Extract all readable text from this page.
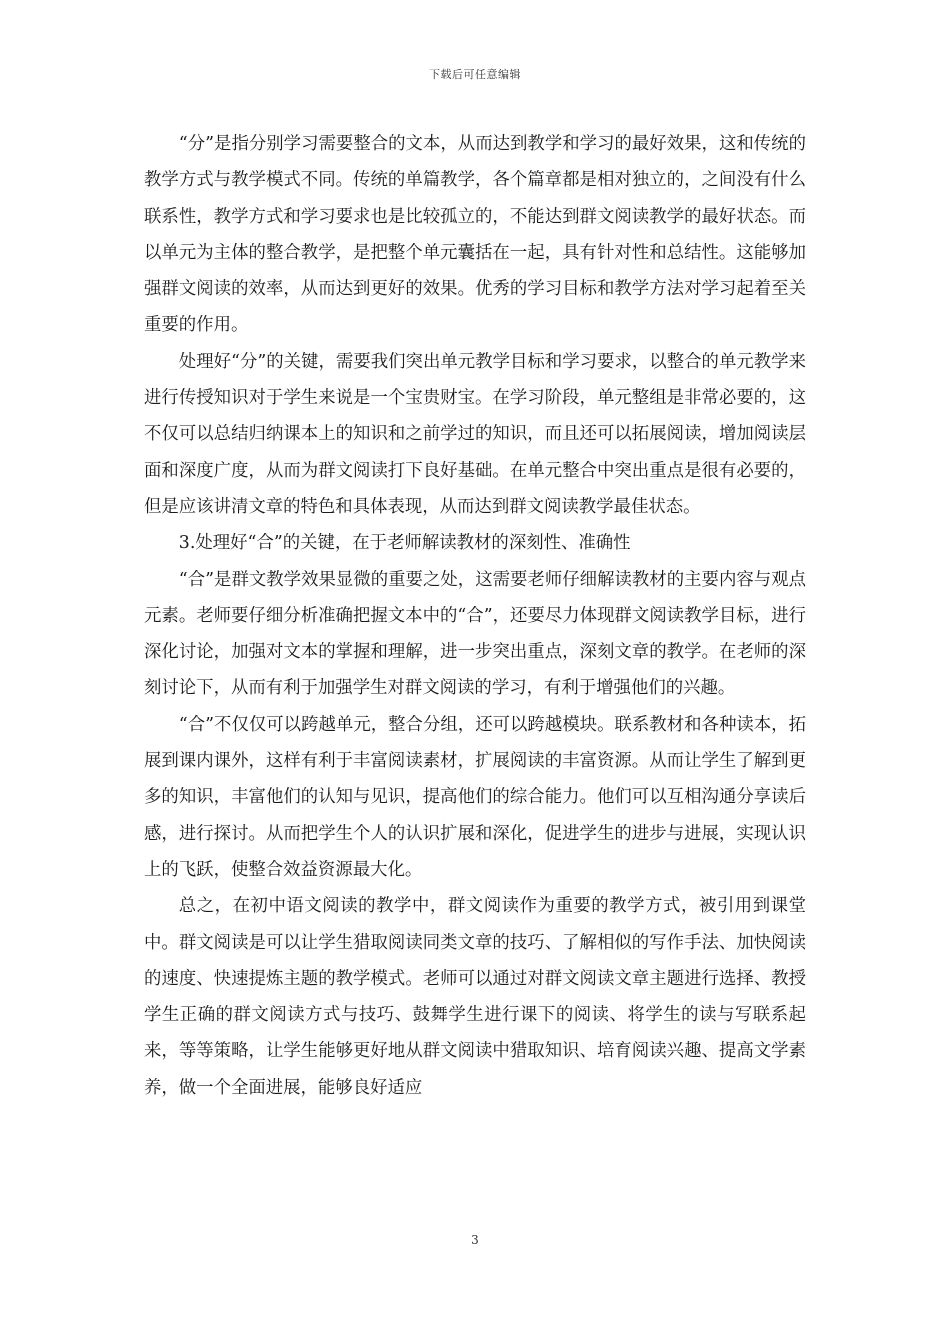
下载后可任意编辑

“分”是指分别学习需要整合的文本，从而达到教学和学习的最好效果，这和传统的教学方式与教学模式不同。传统的单篇教学，各个篇章都是相对独立的，之间没有什么联系性，教学方式和学习要求也是比较孤立的，不能达到群文阅读教学的最好状态。而以单元为主体的整合教学，是把整个单元囊括在一起，具有针对性和总结性。这能够加强群文阅读的效率，从而达到更好的效果。优秀的学习目标和教学方法对学习起着至关重要的作用。

处理好“分”的关键，需要我们突出单元教学目标和学习要求，以整合的单元教学来进行传授知识对于学生来说是一个宝贵财宝。在学习阶段，单元整组是非常必要的，这不仅可以总结归纳课本上的知识和之前学过的知识，而且还可以拓展阅读，增加阅读层面和深度广度，从而为群文阅读打下良好基础。在单元整合中突出重点是很有必要的，但是应该讲清文章的特色和具体表现，从而达到群文阅读教学最佳状态。

3.处理好“合”的关键，在于老师解读教材的深刻性、准确性

“合”是群文教学效果显微的重要之处，这需要老师仔细解读教材的主要内容与观点元素。老师要仔细分析准确把握文本中的“合”，还要尽力体现群文阅读教学目标，进行深化讨论，加强对文本的掌握和理解，进一步突出重点，深刻文章的教学。在老师的深刻讨论下，从而有利于加强学生对群文阅读的学习，有利于增强他们的兴趣。

“合”不仅仅可以跨越单元，整合分组，还可以跨越模块。联系教材和各种读本，拓展到课内课外，这样有利于丰富阅读素材，扩展阅读的丰富资源。从而让学生了解到更多的知识，丰富他们的认知与见识，提高他们的综合能力。他们可以互相沟通分享读后感，进行探讨。从而把学生个人的认识扩展和深化，促进学生的进步与进展，实现认识上的飞跃，使整合效益资源最大化。

总之，在初中语文阅读的教学中，群文阅读作为重要的教学方式，被引用到课堂中。群文阅读是可以让学生猎取阅读同类文章的技巧、了解相似的写作手法、加快阅读的速度、快速提炼主题的教学模式。老师可以通过对群文阅读文章主题进行选择、教授学生正确的群文阅读方式与技巧、鼓舞学生进行课下的阅读、将学生的读与写联系起来，等等策略，让学生能够更好地从群文阅读中猎取知识、培育阅读兴趣、提高文学素养，做一个全面进展，能够良好适应

3
